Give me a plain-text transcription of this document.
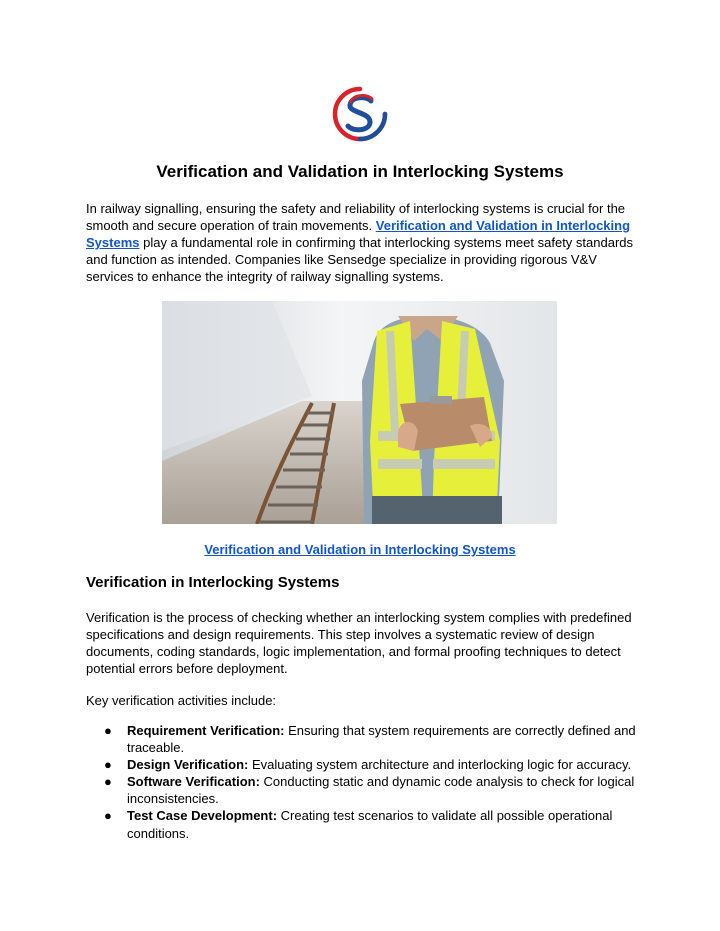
Verification and Validation in Interlocking Systems

In railway signalling, ensuring the safety and reliability of interlocking systems is crucial for the smooth and secure operation of train movements. Verification and Validation in Interlocking Systems play a fundamental role in confirming that interlocking systems meet safety standards and function as intended. Companies like Sensedge specialize in providing rigorous V&V services to enhance the integrity of railway signalling systems.

Verification and Validation in Interlocking Systems
Verification in Interlocking Systems

Verification is the process of checking whether an interlocking system complies with predefined specifications and design requirements. This step involves a systematic review of design documents, coding standards, logic implementation, and formal proofing techniques to detect potential errors before deployment.

Key verification activities include:

● Requirement Verification: Ensuring that system requirements are correctly defined and traceable.
● Design Verification: Evaluating system architecture and interlocking logic for accuracy.
● Software Verification: Conducting static and dynamic code analysis to check for logical inconsistencies.
● Test Case Development: Creating test scenarios to validate all possible operational conditions.
